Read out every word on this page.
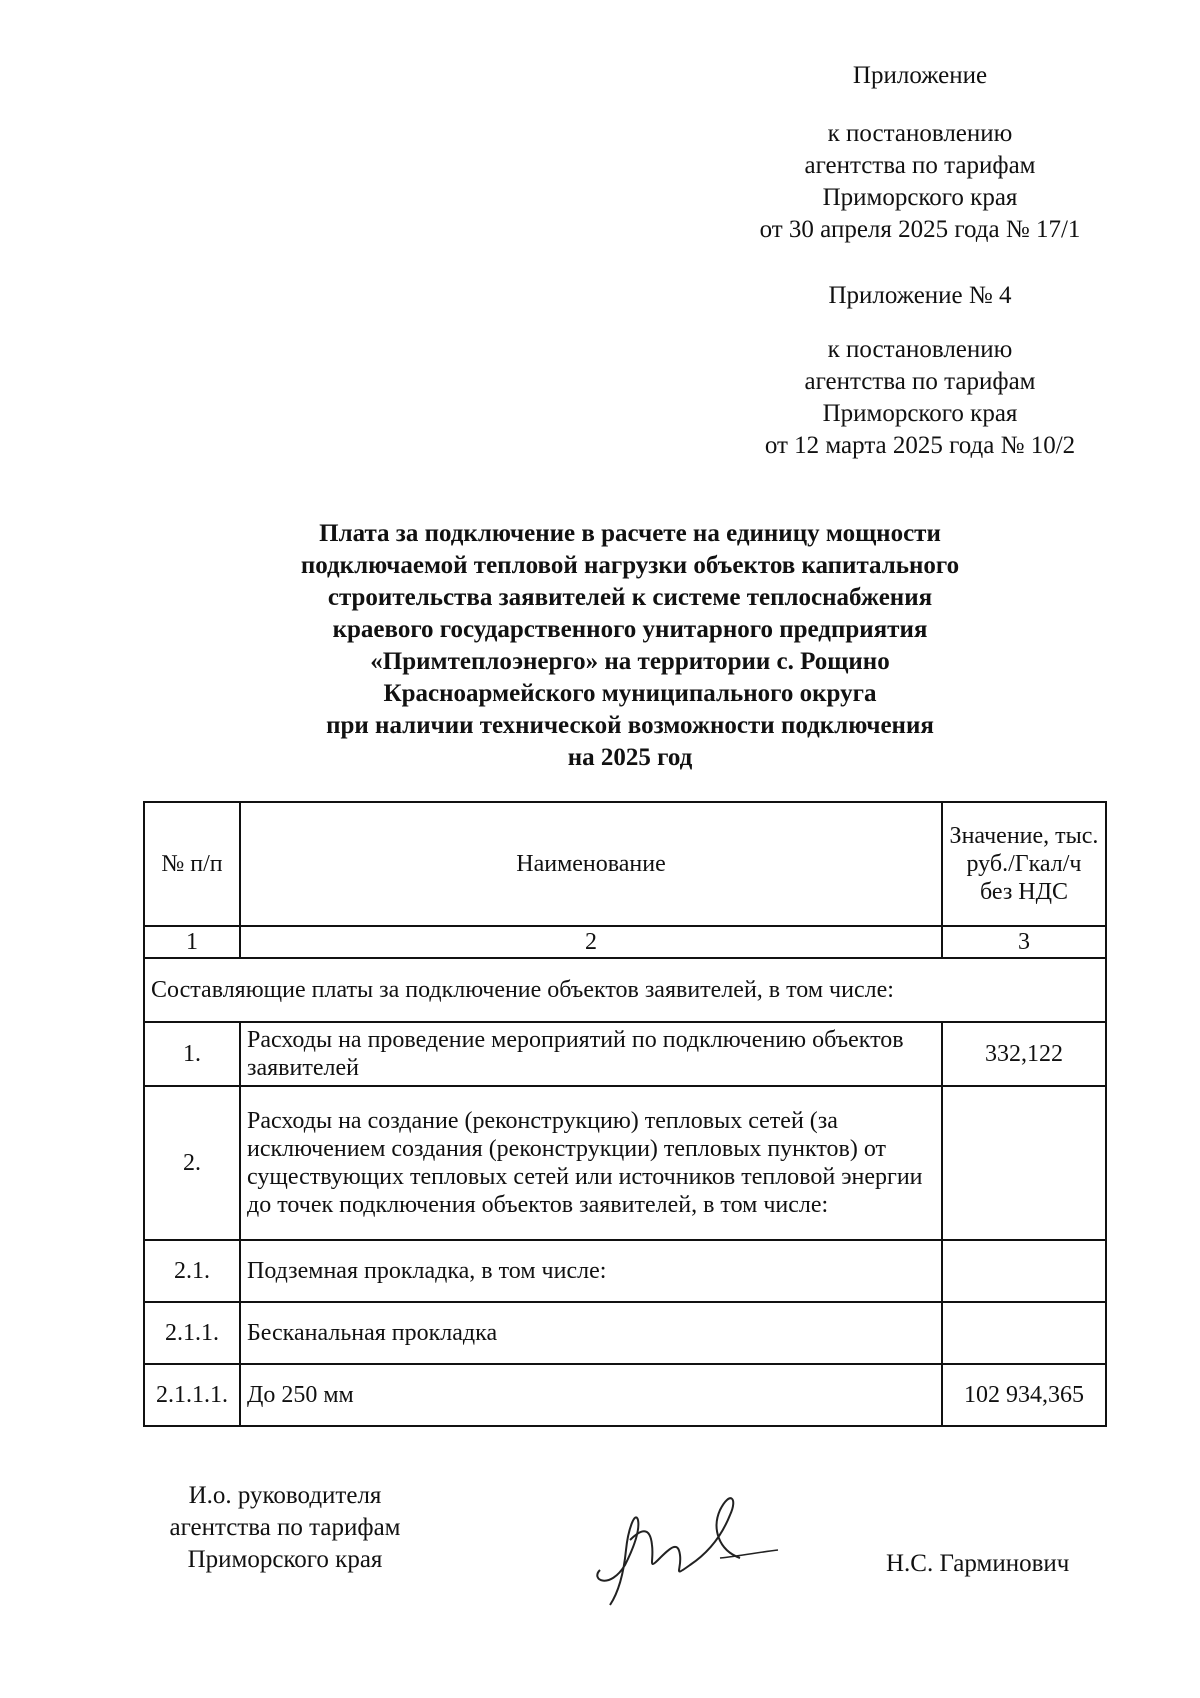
Приложение

к постановлению

агентства по тарифам

Приморского края

от 30 апреля 2025 года № 17/1

Приложение № 4

к постановлению

агентства по тарифам

Приморского края

от 12 марта 2025 года № 10/2

Плата за подключение в расчете на единицу мощности

подключаемой тепловой нагрузки объектов капитального

строительства заявителей к системе теплоснабжения

краевого государственного унитарного предприятия

«Примтеплоэнерго» на территории с. Рощино

Красноармейского муниципального округа

при наличии технической возможности подключения

на 2025 год

№ п/п	Наименование	Значение, тыс. руб./Гкал/ч без НДС
1	2	3
Составляющие платы за подключение объектов заявителей, в том числе:		
1.	Расходы на проведение мероприятий по подключению объектов заявителей	332,122
2.	Расходы на создание (реконструкцию) тепловых сетей (за исключением создания (реконструкции) тепловых пунктов) от существующих тепловых сетей или источников тепловой энергии до точек подключения объектов заявителей, в том числе:	
2.1.	Подземная прокладка, в том числе:	
2.1.1.	Бесканальная прокладка	
2.1.1.1.	До 250 мм	102 934,365

И.о. руководителя

агентства по тарифам

Приморского края	Н.С. Гарминович
